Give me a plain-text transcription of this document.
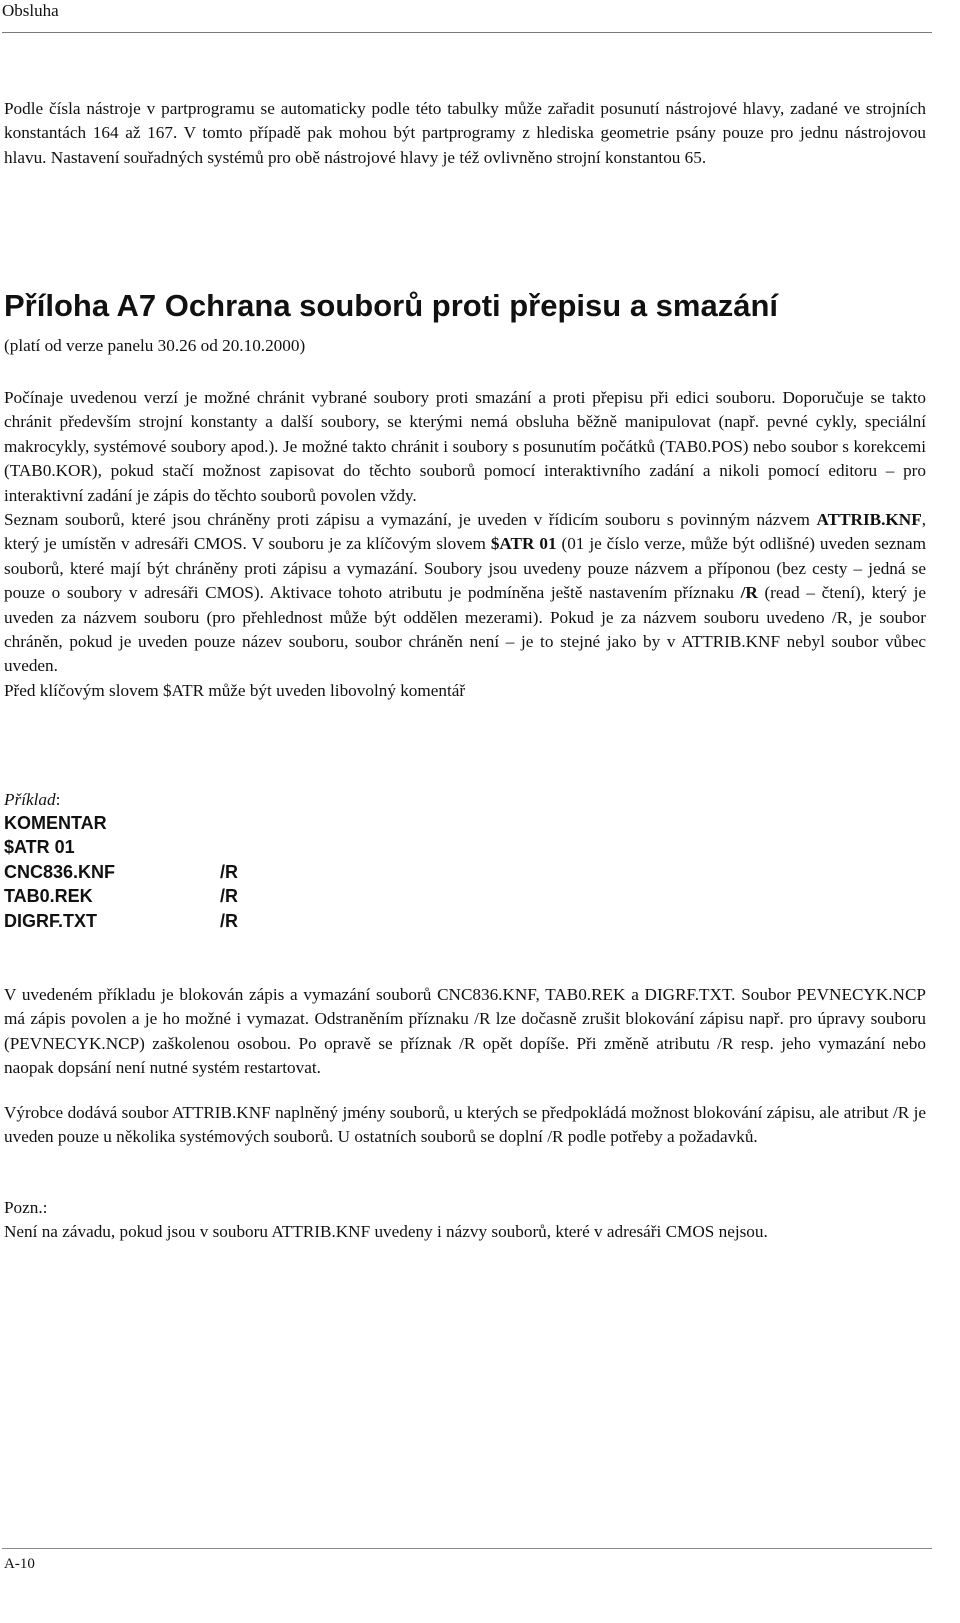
Obsluha

Podle čísla nástroje v partprogramu se automaticky podle této tabulky může zařadit posunutí nástrojové hlavy, zadané ve strojních konstantách 164 až 167. V tomto případě pak mohou být partprogramy z hlediska geometrie psány pouze pro jednu nástrojovou hlavu. Nastavení souřadných systémů pro obě nástrojové hlavy je též ovlivněno strojní konstantou 65.

Příloha A7 Ochrana souborů proti přepisu a smazání

(platí od verze panelu 30.26 od 20.10.2000)

Počínaje uvedenou verzí je možné chránit vybrané soubory proti smazání a proti přepisu při edici souboru. Doporučuje se takto chránit především strojní konstanty a další soubory, se kterými nemá obsluha běžně manipulovat (např. pevné cykly, speciální makrocykly, systémové soubory apod.). Je možné takto chránit i soubory s posunutím počátků (TAB0.POS) nebo soubor s korekcemi (TAB0.KOR), pokud stačí možnost zapisovat do těchto souborů pomocí interaktivního zadání a nikoli pomocí editoru – pro interaktivní zadání je zápis do těchto souborů povolen vždy.
Seznam souborů, které jsou chráněny proti zápisu a vymazání, je uveden v řídicím souboru s povinným názvem ATTRIB.KNF, který je umístěn v adresáři CMOS. V souboru je za klíčovým slovem $ATR 01 (01 je číslo verze, může být odlišné) uveden seznam souborů, které mají být chráněny proti zápisu a vymazání. Soubory jsou uvedeny pouze názvem a příponou (bez cesty – jedná se pouze o soubory v adresáři CMOS). Aktivace tohoto atributu je podmíněna ještě nastavením příznaku /R (read – čtení), který je uveden za názvem souboru (pro přehlednost může být oddělen mezerami). Pokud je za názvem souboru uvedeno /R, je soubor chráněn, pokud je uveden pouze název souboru, soubor chráněn není – je to stejné jako by v ATTRIB.KNF nebyl soubor vůbec uveden.
Před klíčovým slovem $ATR může být uveden libovolný komentář

Příklad:

KOMENTAR
$ATR 01
CNC836.KNF	/R
TAB0.REK	/R
DIGRF.TXT	/R

V uvedeném příkladu je blokován zápis a vymazání souborů CNC836.KNF, TAB0.REK a DIGRF.TXT. Soubor PEVNECYK.NCP má zápis povolen a je ho možné i vymazat. Odstraněním příznaku /R lze dočasně zrušit blokování zápisu např. pro úpravy souboru (PEVNECYK.NCP) zaškolenou osobou. Po opravě se příznak /R opět dopíše. Při změně atributu /R resp. jeho vymazání nebo naopak dopsání není nutné systém restartovat.

Výrobce dodává soubor ATTRIB.KNF naplněný jmény souborů, u kterých se předpokládá možnost blokování zápisu, ale atribut /R je uveden pouze u několika systémových souborů. U ostatních souborů se doplní /R podle potřeby a požadavků.

Pozn.:

Není na závadu, pokud jsou v souboru ATTRIB.KNF uvedeny i názvy souborů, které v adresáři CMOS nejsou.

A-10
